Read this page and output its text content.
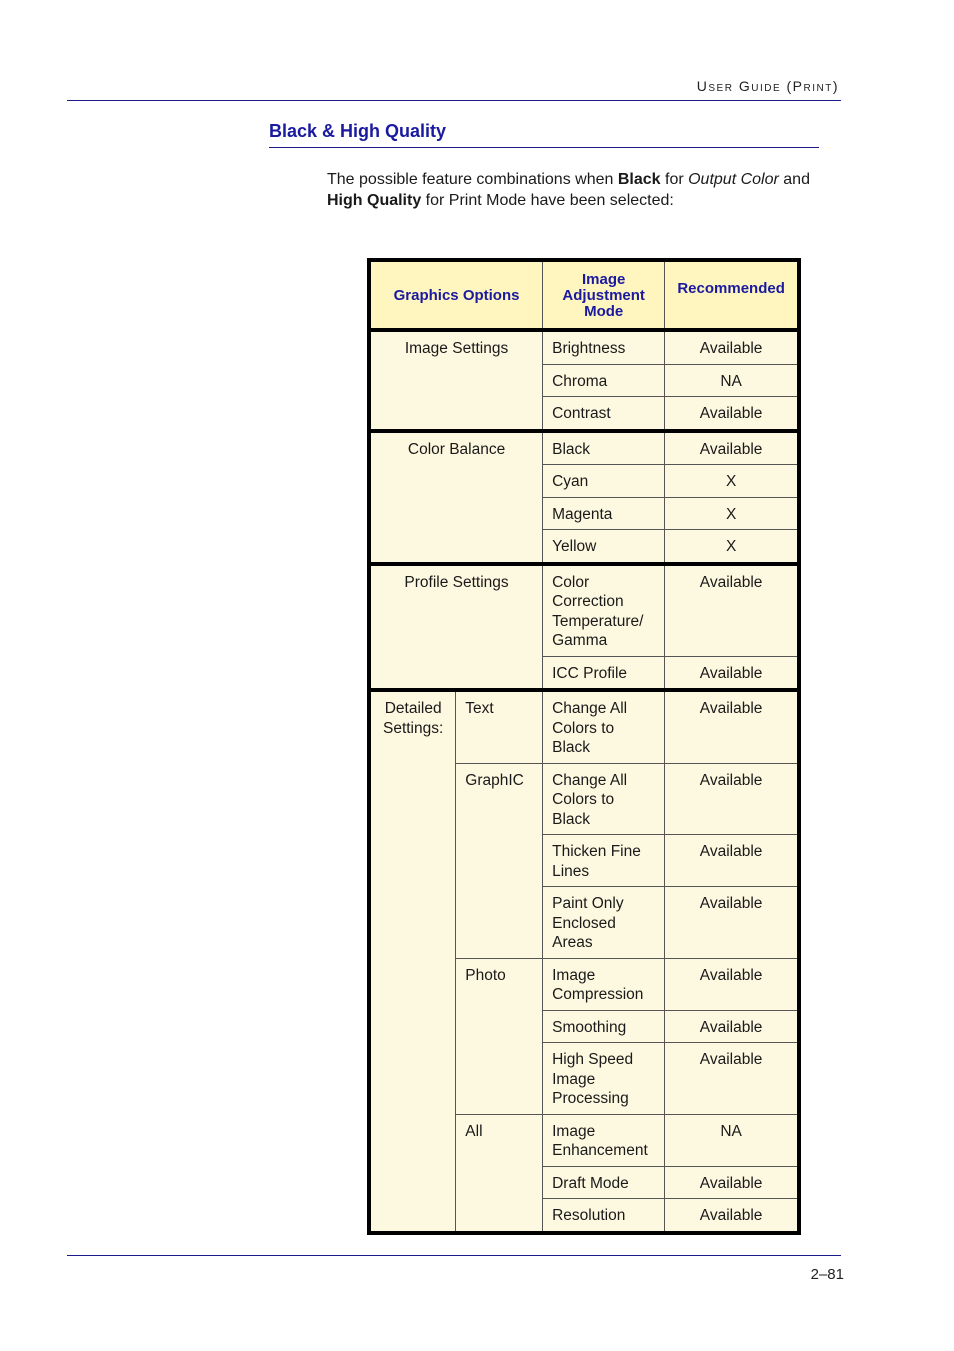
User Guide (Print)
Black & High Quality

The possible feature combinations when Black for Output Color and High Quality for Print Mode have been selected:

Graphics Options		Image Adjustment Mode	Recommended
Image Settings		Brightness	Available
		Chroma	NA
		Contrast	Available
Color Balance		Black	Available
		Cyan	X
		Magenta	X
		Yellow	X
Profile Settings		Color Correction Temperature/ Gamma	Available
		ICC Profile	Available
Detailed Settings:	Text	Change All Colors to Black	Available
	GraphIC	Change All Colors to Black	Available
		Thicken Fine Lines	Available
		Paint Only Enclosed Areas	Available
	Photo	Image Compression	Available
		Smoothing	Available
		High Speed Image Processing	Available
	All	Image Enhancement	NA
		Draft Mode	Available
		Resolution	Available
2–81
